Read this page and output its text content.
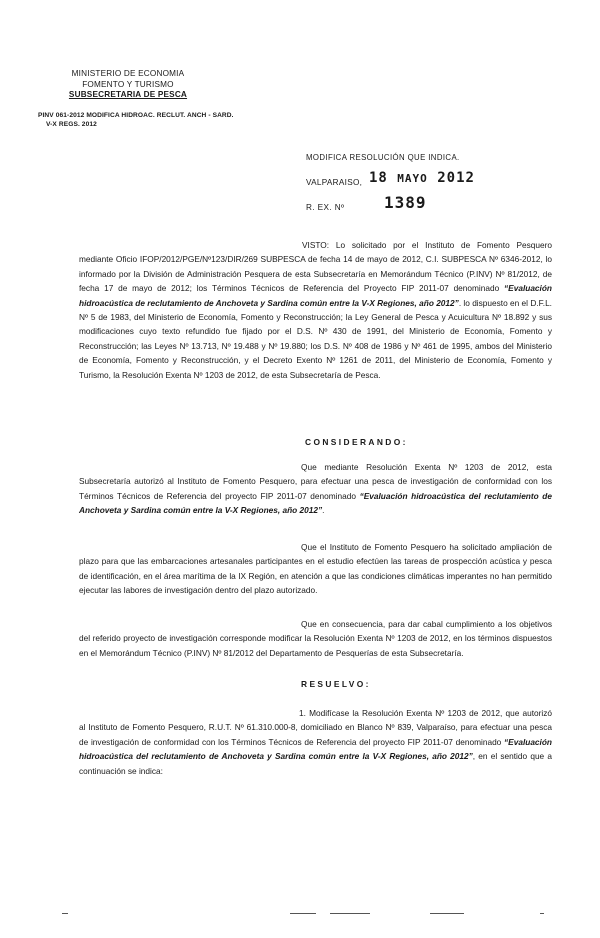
MINISTERIO DE ECONOMIA
FOMENTO Y TURISMO
SUBSECRETARIA DE PESCA
PINV 061-2012 MODIFICA HIDROAC. RECLUT. ANCH - SARD.
V-X REGS. 2012
MODIFICA RESOLUCIÓN QUE INDICA.
VALPARAISO, 18 MAYO 2012
R. EX. Nº 1389
VISTO: Lo solicitado por el Instituto de Fomento Pesquero mediante Oficio IFOP/2012/PGE/Nº123/DIR/269 SUBPESCA de fecha 14 de mayo de 2012, C.I. SUBPESCA Nº 6346-2012, lo informado por la División de Administración Pesquera de esta Subsecretaría en Memorándum Técnico (P.INV) Nº 81/2012, de fecha 17 de mayo de 2012; los Términos Técnicos de Referencia del Proyecto FIP 2011-07 denominado “Evaluación hidroacústica de reclutamiento de Anchoveta y Sardina común entre la V-X Regiones, año 2012”. lo dispuesto en el D.F.L. Nº 5 de 1983, del Ministerio de Economía, Fomento y Reconstrucción; la Ley General de Pesca y Acuicultura Nº 18.892 y sus modificaciones cuyo texto refundido fue fijado por el D.S. Nº 430 de 1991, del Ministerio de Economía, Fomento y Reconstrucción; las Leyes Nº 13.713, Nº 19.488 y Nº 19.880; los D.S. Nº 408 de 1986 y Nº 461 de 1995, ambos del Ministerio de Economía, Fomento y Reconstrucción, y el Decreto Exento Nº 1261 de 2011, del Ministerio de Economía, Fomento y Turismo, la Resolución Exenta Nº 1203 de 2012, de esta Subsecretaría de Pesca.
CONSIDERANDO:
Que mediante Resolución Exenta Nº 1203 de 2012, esta Subsecretaría autorizó al Instituto de Fomento Pesquero, para efectuar una pesca de investigación de conformidad con los Términos Técnicos de Referencia del proyecto FIP 2011-07 denominado “Evaluación hidroacústica del reclutamiento de Anchoveta y Sardina común entre la V-X Regiones, año 2012”.
Que el Instituto de Fomento Pesquero ha solicitado ampliación de plazo para que las embarcaciones artesanales participantes en el estudio efectúen las tareas de prospección acústica y pesca de identificación, en el área marítima de la IX Región, en atención a que las condiciones climáticas imperantes no han permitido ejecutar las labores de investigación dentro del plazo autorizado.
Que en consecuencia, para dar cabal cumplimiento a los objetivos del referido proyecto de investigación corresponde modificar la Resolución Exenta Nº 1203 de 2012, en los términos dispuestos en el Memorándum Técnico (P.INV) Nº 81/2012 del Departamento de Pesquerías de esta Subsecretaría.
RESUELVO:
1. Modifícase la Resolución Exenta Nº 1203 de 2012, que autorizó al Instituto de Fomento Pesquero, R.U.T. Nº 61.310.000-8, domiciliado en Blanco Nº 839, Valparaíso, para efectuar una pesca de investigación de conformidad con los Términos Técnicos de Referencia del proyecto FIP 2011-07 denominado “Evaluación hidroacústica del reclutamiento de Anchoveta y Sardina común entre la V-X Regiones, año 2012”, en el sentido que a continuación se indica:
